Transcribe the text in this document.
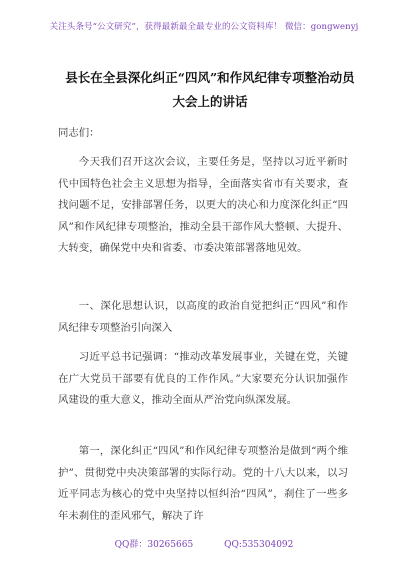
关注头条号“公文研究”，获得最新最全最专业的公文资料库！ 微信：gongwenyj
县长在全县深化纠正“四风”和作风纪律专项整治动员大会上的讲话
同志们：
今天我们召开这次会议，主要任务是，坚持以习近平新时代中国特色社会主义思想为指导，全面落实省市有关要求，查找问题不足，安排部署任务，以更大的决心和力度深化纠正“四风”和作风纪律专项整治，推动全县干部作风大整顿、大提升、大转变，确保党中央和省委、市委决策部署落地见效。
一、深化思想认识，以高度的政治自觉把纠正“四风”和作风纪律专项整治引向深入
习近平总书记强调：“推动改革发展事业，关键在党，关键在广大党员干部要有优良的工作作风。”大家要充分认识加强作风建设的重大意义，推动全面从严治党向纵深发展。
第一，深化纠正“四风”和作风纪律专项整治是做到“两个维护”、贯彻党中央决策部署的实际行动。党的十八大以来，以习近平同志为核心的党中央坚持以恒纠治“四风”，刹住了一些多年未刹住的歪风邪气，解决了许
QQ群：30265665	QQ:535304092
